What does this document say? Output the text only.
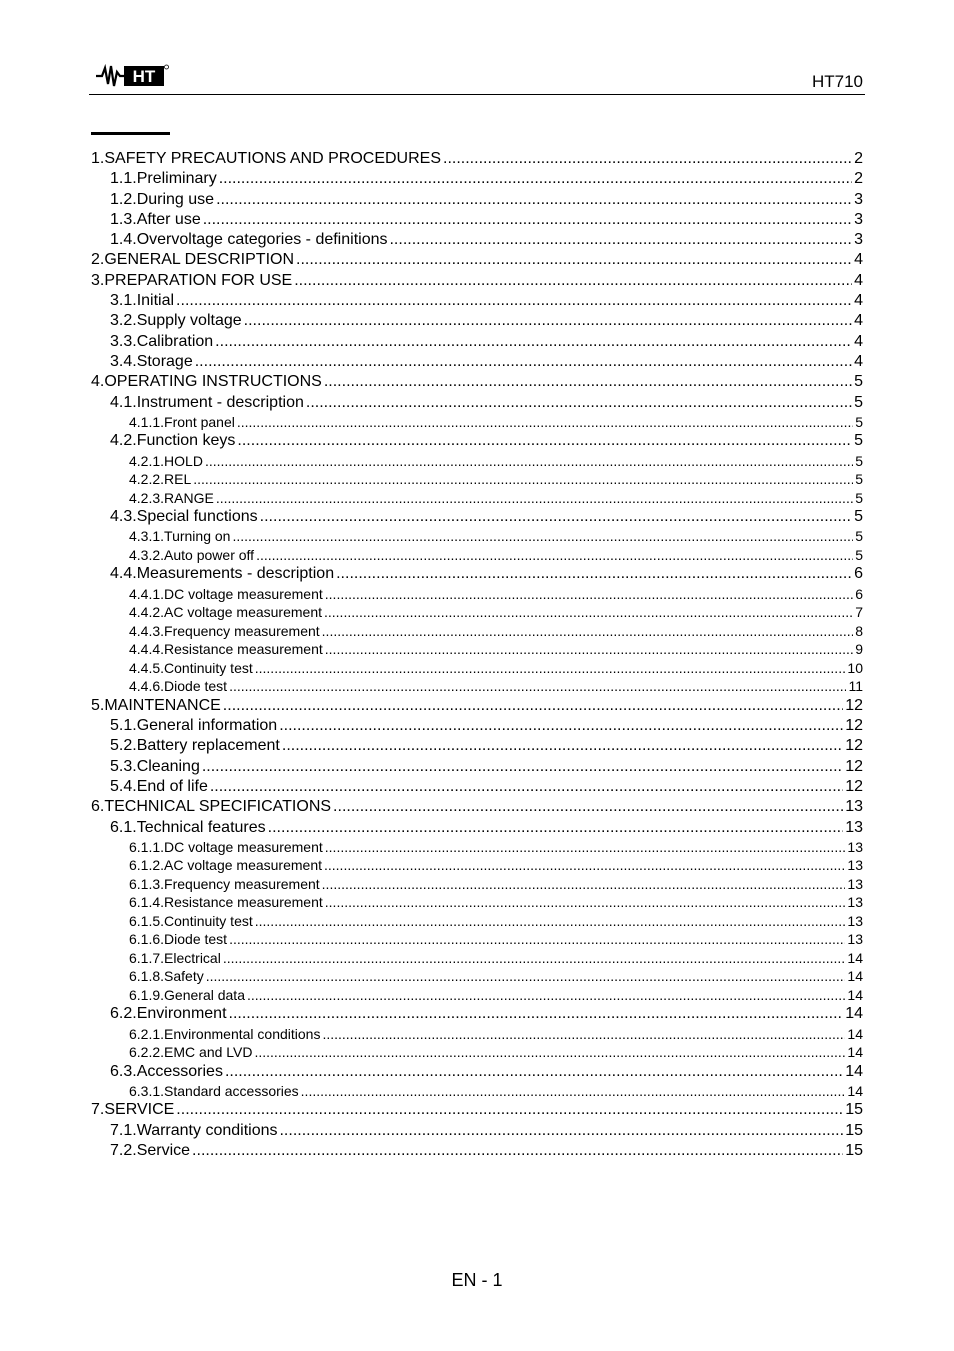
HT	HT710
1. SAFETY PRECAUTIONS AND PROCEDURES .....	2
1.1. Preliminary .....	2
1.2. During use .....	3
1.3. After use .....	3
1.4. Overvoltage categories - definitions .....	3
2. GENERAL DESCRIPTION .....	4
3. PREPARATION FOR USE .....	4
3.1. Initial .....	4
3.2. Supply voltage .....	4
3.3. Calibration .....	4
3.4. Storage .....	4
4. OPERATING INSTRUCTIONS .....	5
4.1. Instrument - description .....	5
4.1.1. Front panel .....	5
4.2. Function keys .....	5
4.2.1. HOLD .....	5
4.2.2. REL .....	5
4.2.3. RANGE .....	5
4.3. Special functions .....	5
4.3.1. Turning on .....	5
4.3.2. Auto power off .....	5
4.4. Measurements - description .....	6
4.4.1. DC voltage measurement .....	6
4.4.2. AC voltage measurement .....	7
4.4.3. Frequency measurement .....	8
4.4.4. Resistance measurement .....	9
4.4.5. Continuity test .....	10
4.4.6. Diode test .....	11
5. MAINTENANCE .....	12
5.1. General information .....	12
5.2. Battery replacement .....	12
5.3. Cleaning .....	12
5.4. End of life .....	12
6. TECHNICAL SPECIFICATIONS .....	13
6.1. Technical features .....	13
6.1.1. DC voltage measurement .....	13
6.1.2. AC voltage measurement .....	13
6.1.3. Frequency measurement .....	13
6.1.4. Resistance measurement .....	13
6.1.5. Continuity test .....	13
6.1.6. Diode test .....	13
6.1.7. Electrical .....	14
6.1.8. Safety .....	14
6.1.9. General data .....	14
6.2. Environment .....	14
6.2.1. Environmental conditions .....	14
6.2.2. EMC and LVD .....	14
6.3. Accessories .....	14
6.3.1. Standard accessories .....	14
7. SERVICE .....	15
7.1. Warranty conditions .....	15
7.2. Service .....	15
EN - 1
